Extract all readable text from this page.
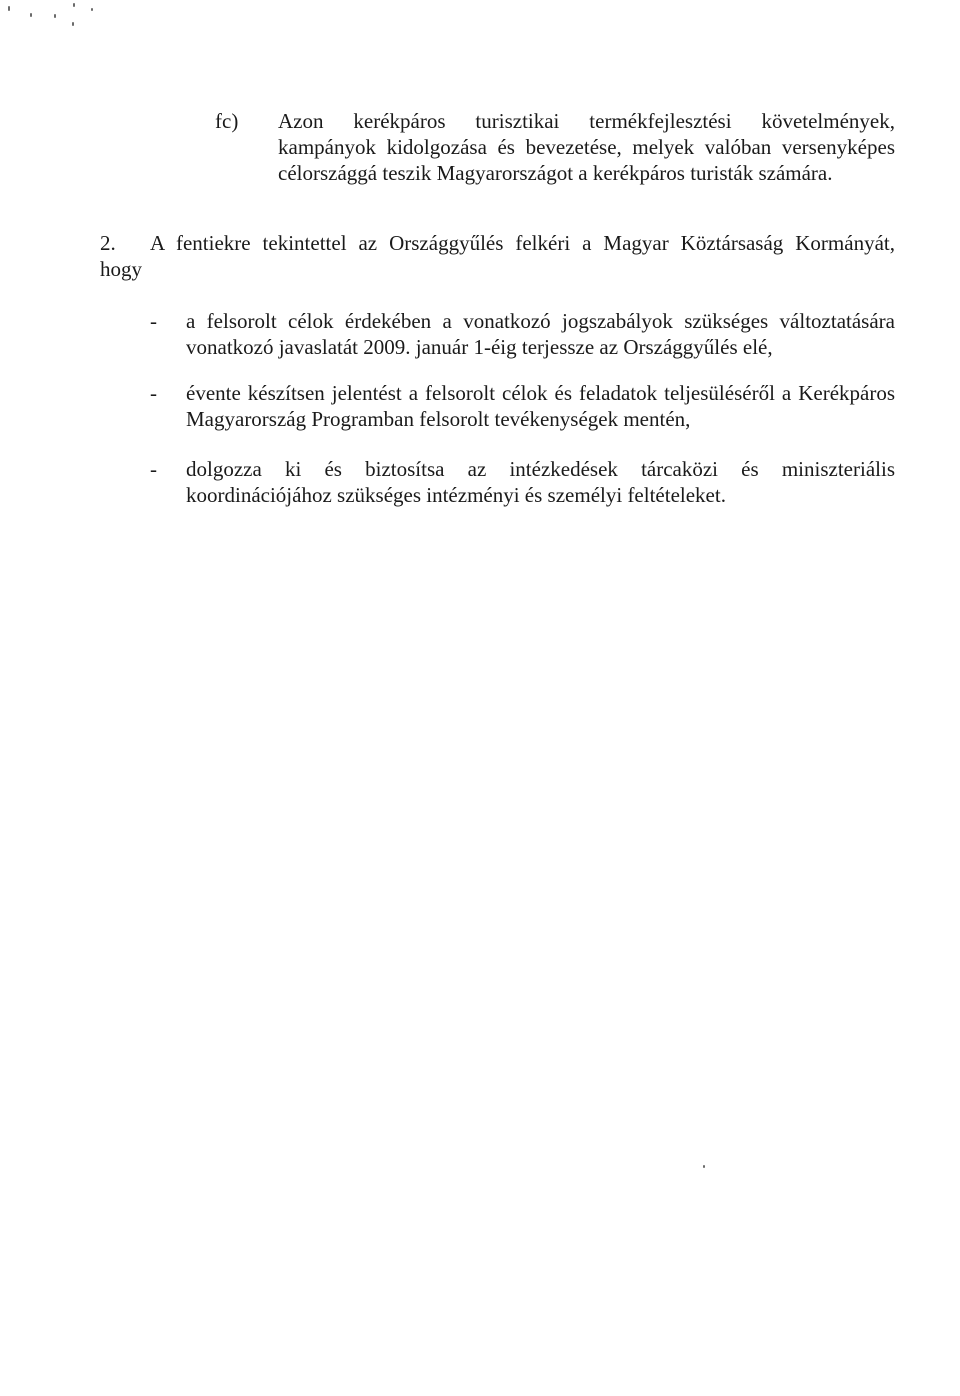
fc) Azon kerékpáros turisztikai termékfejlesztési követelmények,
kampányok kidolgozása és bevezetése, melyek valóban versenyképes
célországgá teszik Magyarországot a kerékpáros turisták számára.
2. A fentiekre tekintettel az Országgyűlés felkéri a Magyar Köztársaság Kormányát,
hogy
- a felsorolt célok érdekében a vonatkozó jogszabályok szükséges változtatására
vonatkozó javaslatát 2009. január 1-éig terjessze az Országgyűlés elé,
- évente készítsen jelentést a felsorolt célok és feladatok teljesüléséről a Kerékpáros
Magyarország Programban felsorolt tevékenységek mentén,
- dolgozza ki és biztosítsa az intézkedések tárcaközi és miniszteriális
koordinációjához szükséges intézményi és személyi feltételeket.
